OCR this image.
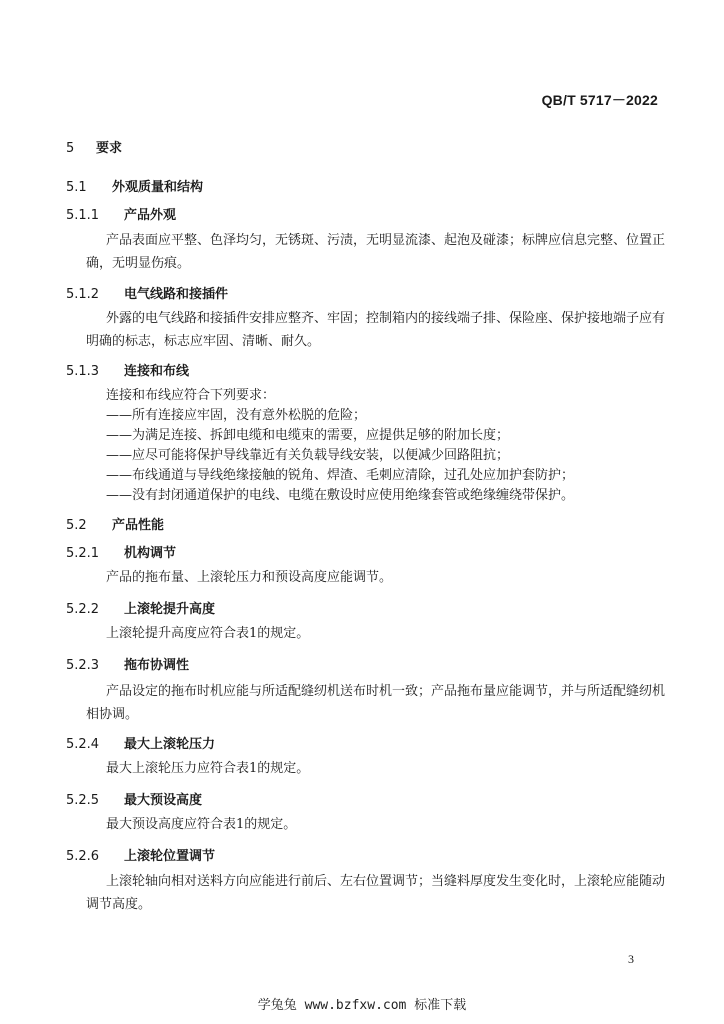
QB/T 5717－2022
5 要求
5.1 外观质量和结构
5.1.1 产品外观
产品表面应平整、色泽均匀，无锈斑、污渍，无明显流漆、起泡及碰漆；标牌应信息完整、位置正
确，无明显伤痕。
5.1.2 电气线路和接插件
外露的电气线路和接插件安排应整齐、牢固；控制箱内的接线端子排、保险座、保护接地端子应有
明确的标志，标志应牢固、清晰、耐久。
5.1.3 连接和布线
连接和布线应符合下列要求：
——所有连接应牢固，没有意外松脱的危险；
——为满足连接、拆卸电缆和电缆束的需要，应提供足够的附加长度；
——应尽可能将保护导线靠近有关负载导线安装，以便减少回路阻抗；
——布线通道与导线绝缘接触的锐角、焊渣、毛刺应清除，过孔处应加护套防护；
——没有封闭通道保护的电线、电缆在敷设时应使用绝缘套管或绝缘缠绕带保护。
5.2 产品性能
5.2.1 机构调节
产品的拖布量、上滚轮压力和预设高度应能调节。
5.2.2 上滚轮提升高度
上滚轮提升高度应符合表1的规定。
5.2.3 拖布协调性
产品设定的拖布时机应能与所适配缝纫机送布时机一致；产品拖布量应能调节，并与所适配缝纫机
相协调。
5.2.4 最大上滚轮压力
最大上滚轮压力应符合表1的规定。
5.2.5 最大预设高度
最大预设高度应符合表1的规定。
5.2.6 上滚轮位置调节
上滚轮轴向相对送料方向应能进行前后、左右位置调节；当缝料厚度发生变化时，上滚轮应能随动
调节高度。
3
学兔兔 www.bzfxw.com 标准下载
